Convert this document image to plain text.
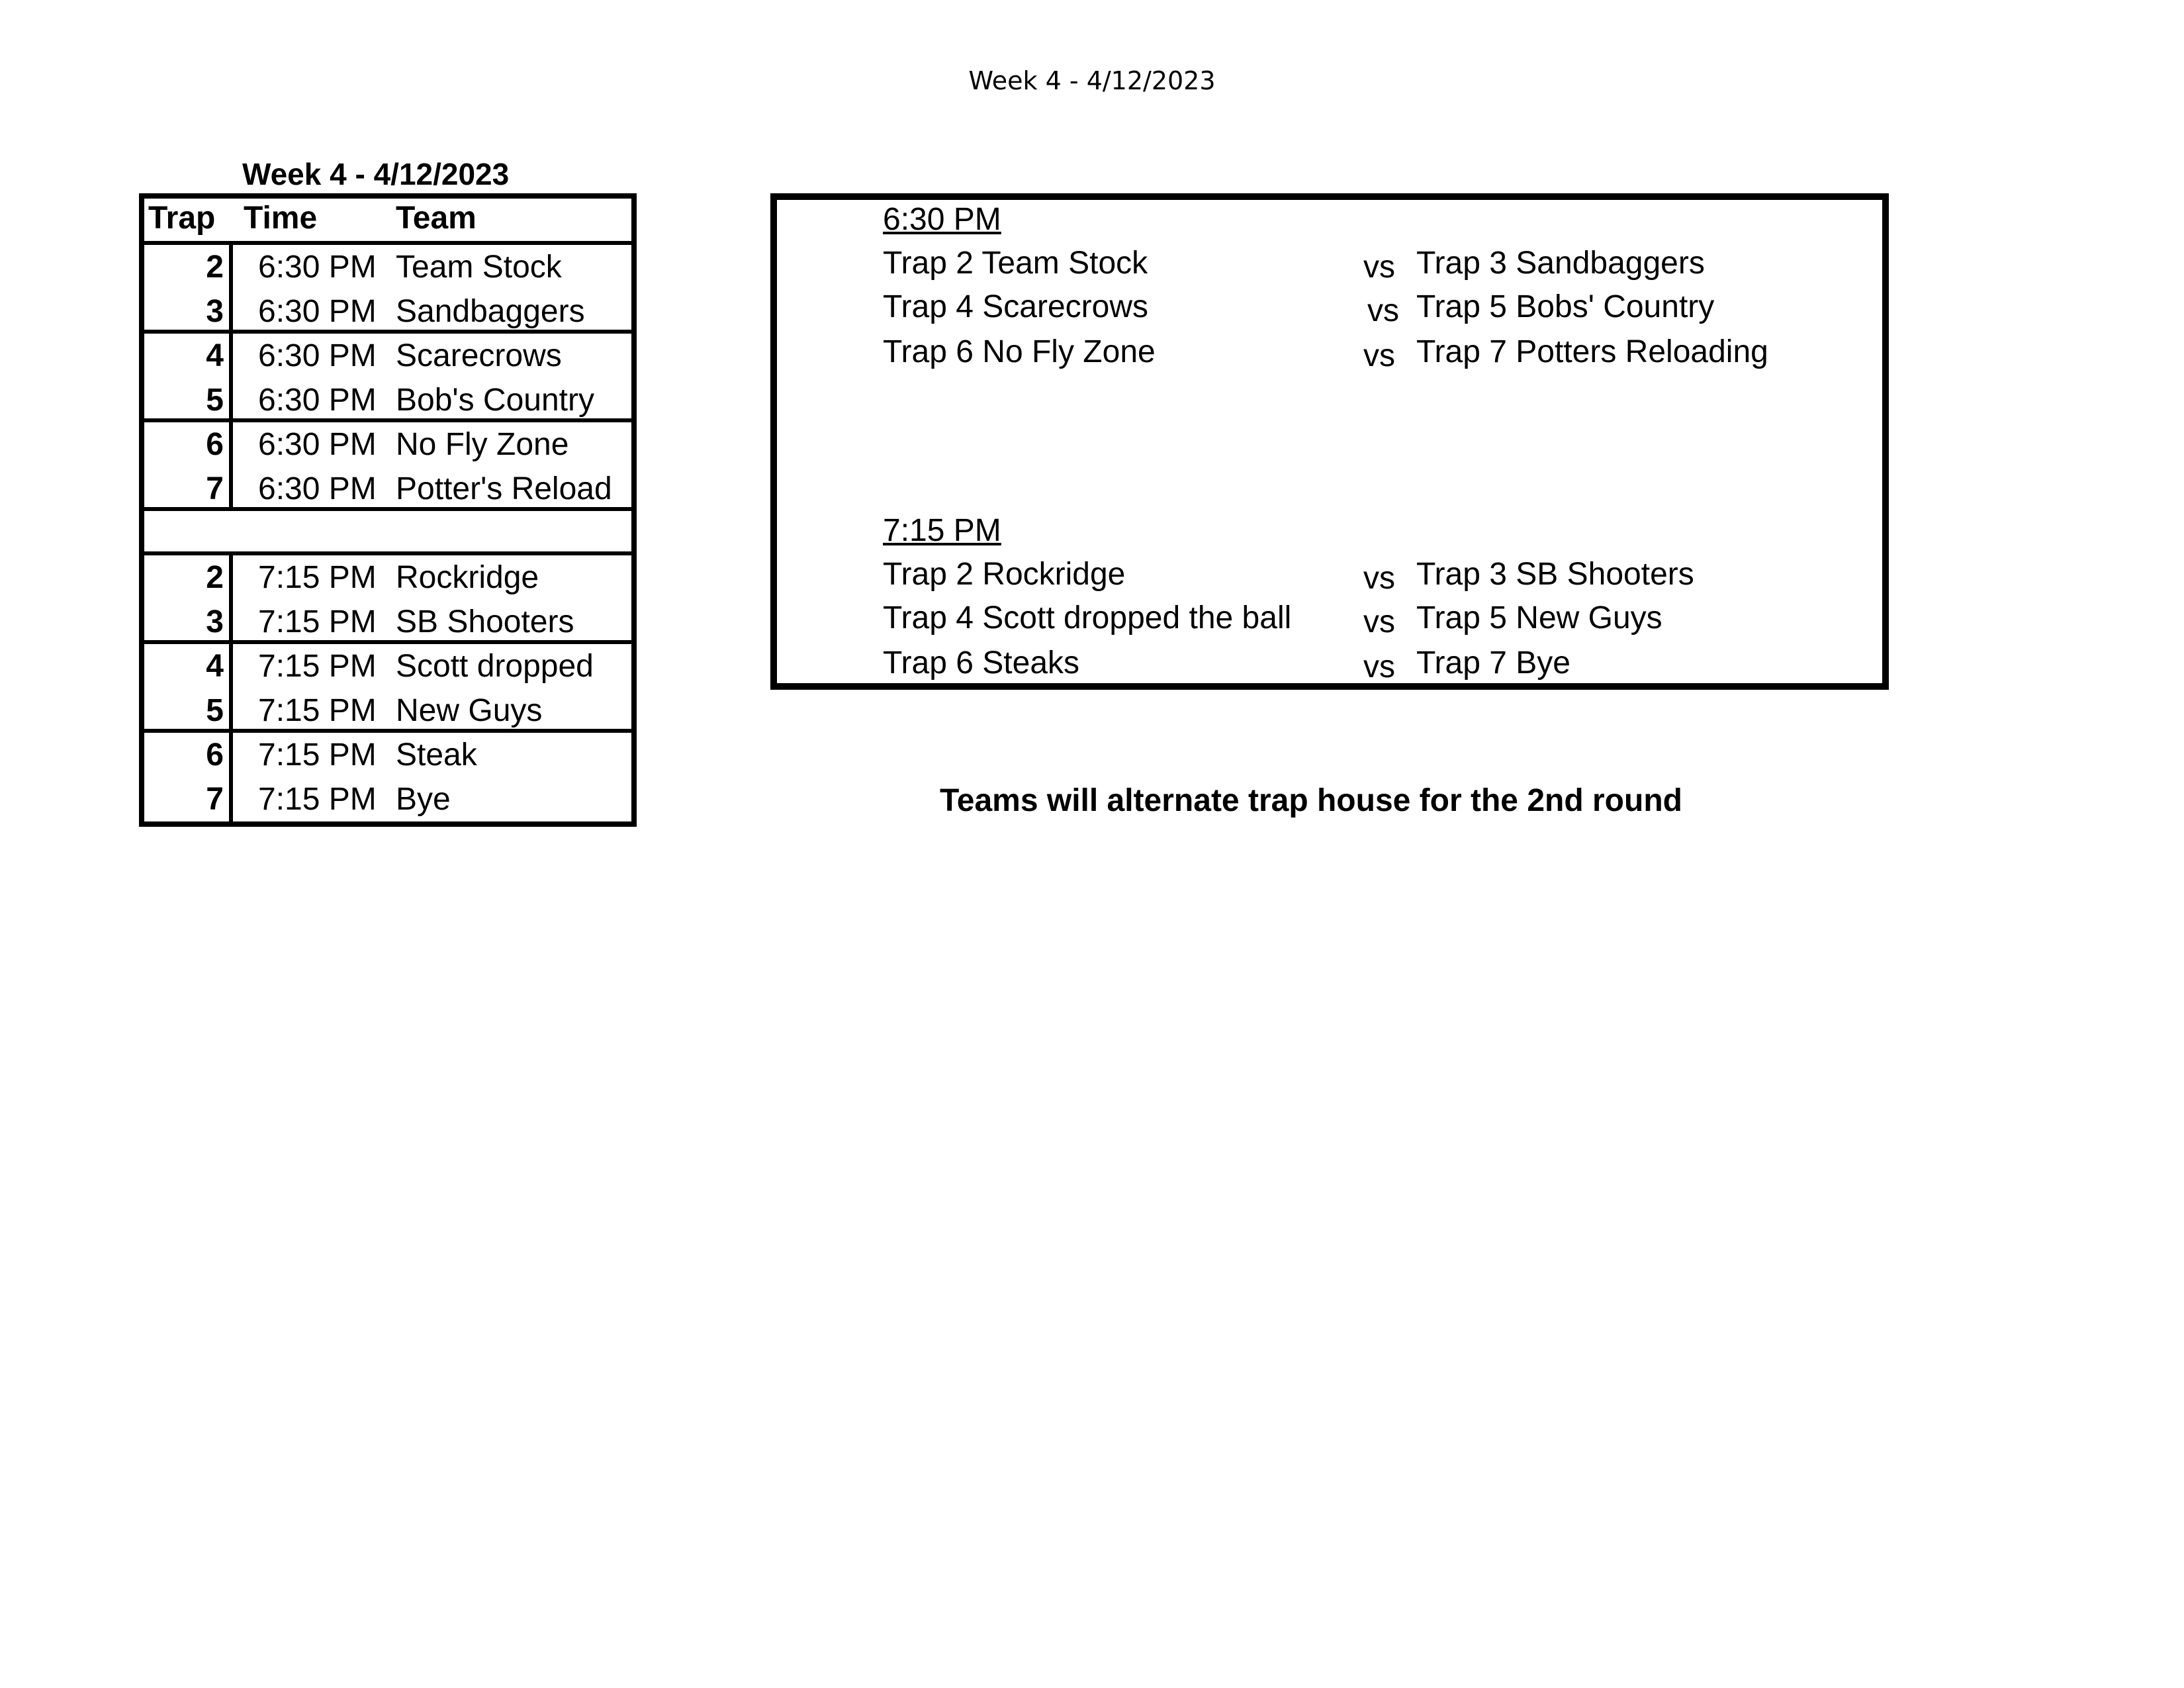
Week 4 - 4/12/2023
Week 4 - 4/12/2023
Trap Time Team
2 6:30 PM Team Stock
3 6:30 PM Sandbaggers
4 6:30 PM Scarecrows
5 6:30 PM Bob's Country
6 6:30 PM No Fly Zone
7 6:30 PM Potter's Reload
2 7:15 PM Rockridge
3 7:15 PM SB Shooters
4 7:15 PM Scott dropped
5 7:15 PM New Guys
6 7:15 PM Steak
7 7:15 PM Bye
6:30 PM
Trap 2 Team Stock	vs Trap 3 Sandbaggers
Trap 4 Scarecrows	vs Trap 5 Bobs' Country
Trap 6 No Fly Zone	vs Trap 7 Potters Reloading
7:15 PM
Trap 2 Rockridge	vs Trap 3 SB Shooters
Trap 4 Scott dropped the ball vs Trap 5 New Guys
Trap 6 Steaks	vs Trap 7 Bye
Teams will alternate trap house for the 2nd round
